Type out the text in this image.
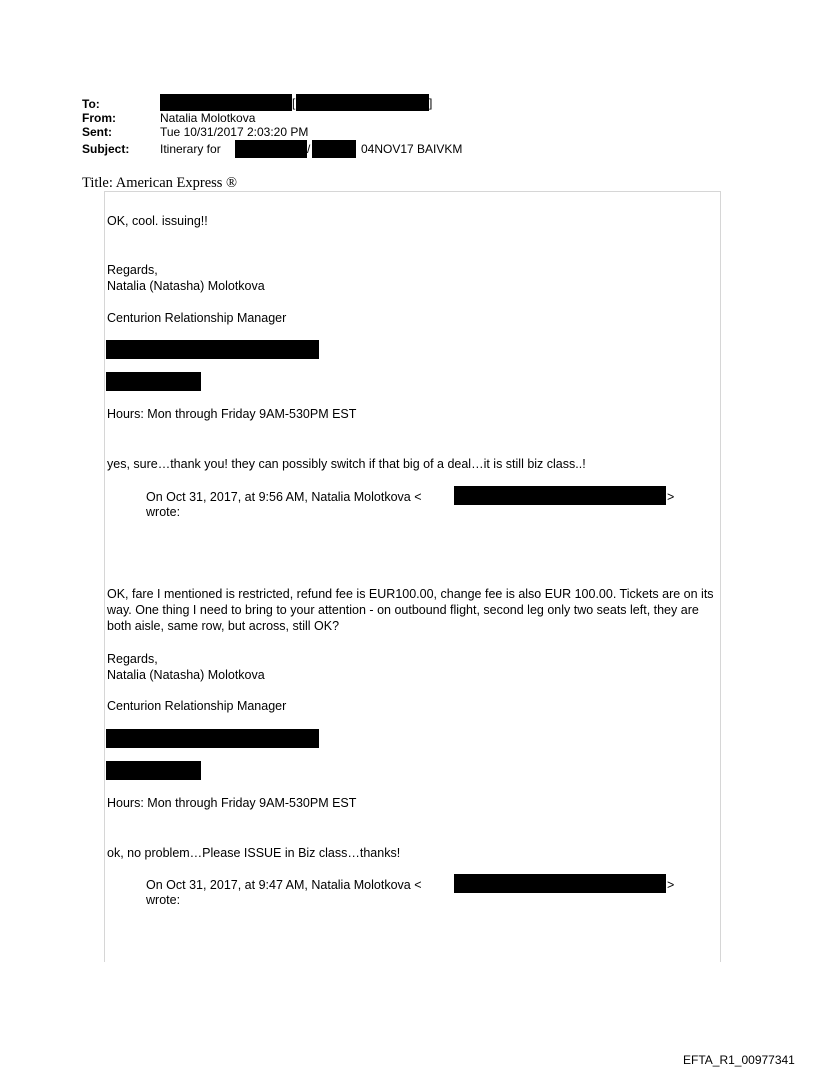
To:	[	]
From:	Natalia Molotkova
Sent:	Tue 10/31/2017 2:03:20 PM
Subject:	Itinerary for	/	04NOV17 BAIVKM
Title: American Express ®
OK, cool. issuing!!
Regards,
Natalia (Natasha) Molotkova
Centurion Relationship Manager
Hours: Mon through Friday 9AM-530PM EST
yes, sure…thank you! they can possibly switch if that big of a deal…it is still biz class..!
On Oct 31, 2017, at 9:56 AM, Natalia Molotkova <	>
wrote:
OK, fare I mentioned is restricted, refund fee is EUR100.00, change fee is also EUR 100.00. Tickets are on its way. One thing I need to bring to your attention - on outbound flight, second leg only two seats left, they are both aisle, same row, but across, still OK?
Regards,
Natalia (Natasha) Molotkova
Centurion Relationship Manager
Hours: Mon through Friday 9AM-530PM EST
ok, no problem…Please ISSUE in Biz class…thanks!
On Oct 31, 2017, at 9:47 AM, Natalia Molotkova <	>
wrote:
EFTA_R1_00977341
